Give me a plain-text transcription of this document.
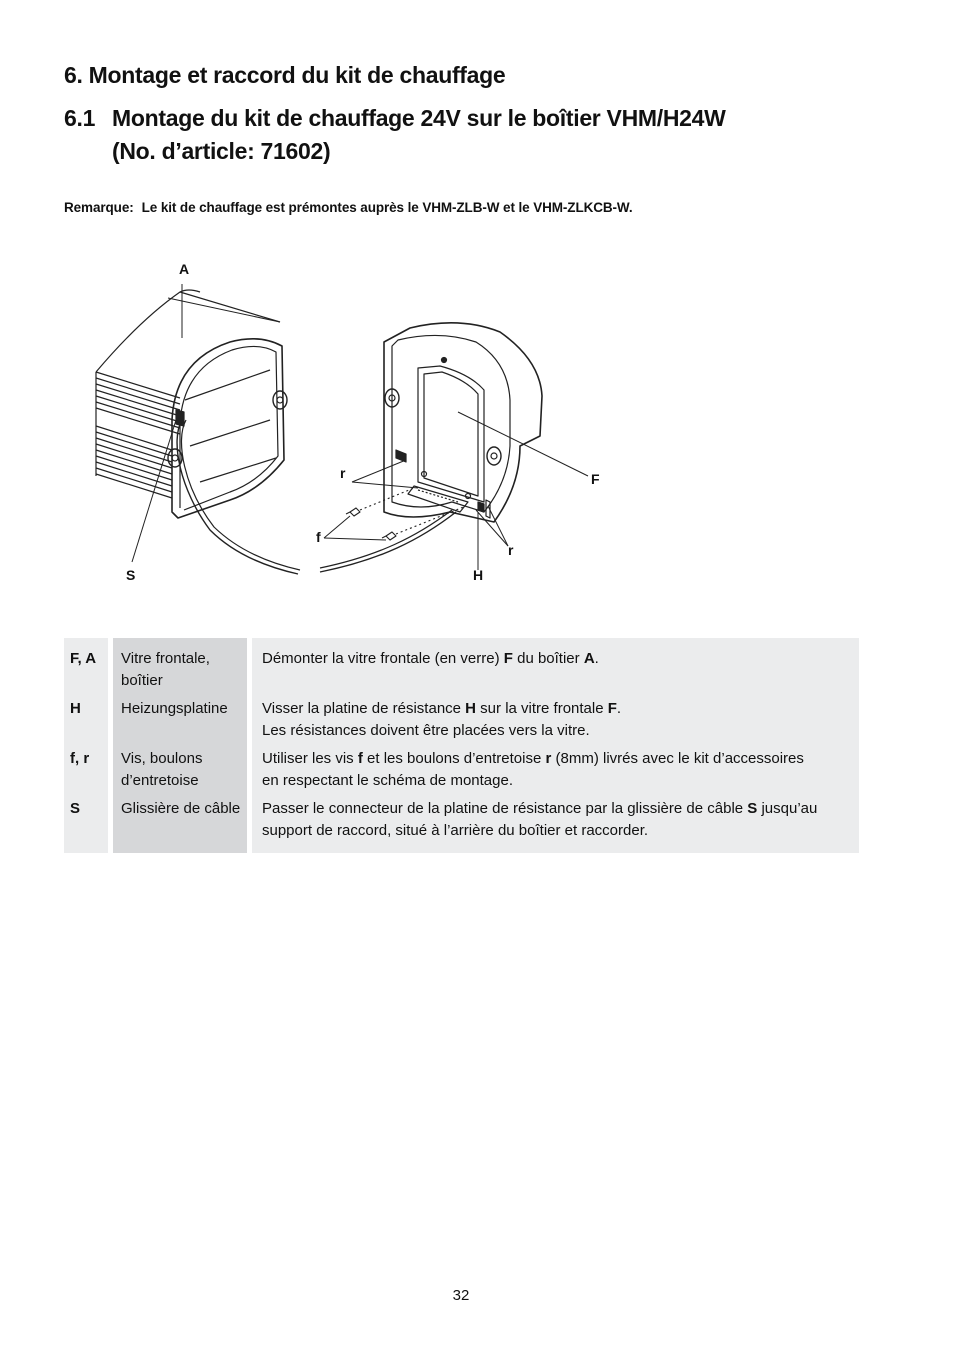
6. Montage et raccord du kit de chauffage
6.1 Montage du kit de chauffage 24V sur le boîtier VHM/H24W
(No. d’article: 71602)
Remarque: Le kit de chauffage est prémontes auprès le VHM-ZLB-W et le VHM-ZLKCB-W.
A
S	H
F
f
r
r
F, A		Vitre frontale, boîtier		Démonter la vitre frontale (en verre) F du boîtier A.
H		Heizungsplatine		Visser la platine de résistance H sur la vitre frontale F.
Les résistances doivent être placées vers la vitre.
f, r		Vis, boulons d’entretoise		Utiliser les vis f et les boulons d’entretoise r (8mm) livrés avec le kit d’accessoires
en respectant le schéma de montage.
S		Glissière de câble		Passer le connecteur de la platine de résistance par la glissière de câble S jusqu’au
support de raccord, situé à l’arrière du boîtier et raccorder.
32
